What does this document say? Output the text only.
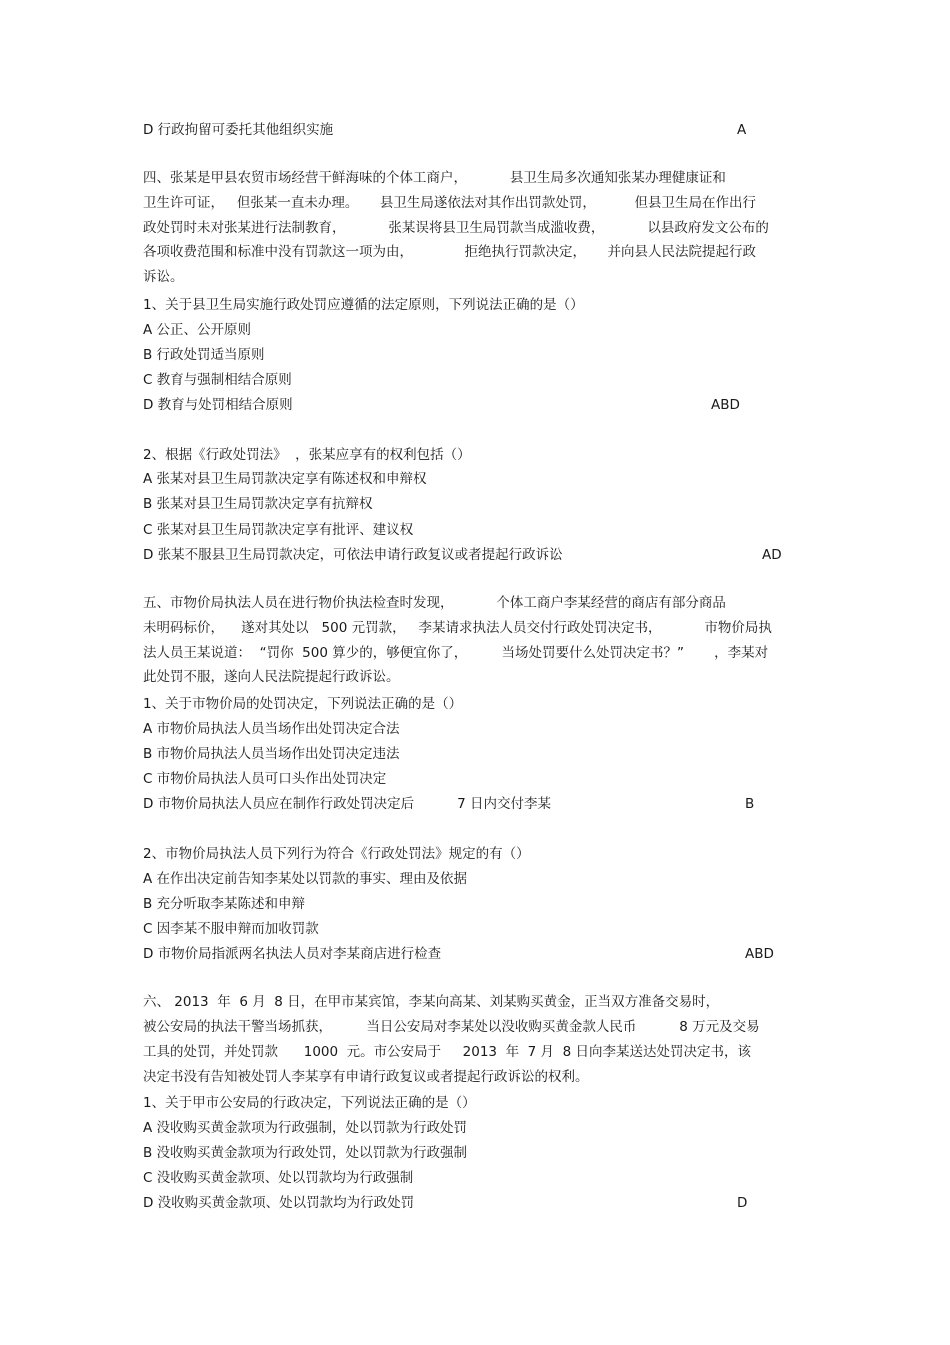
D 行政拘留可委托其他组织实施	A
四、张某是甲县农贸市场经营干鲜海味的个体工商户，          县卫生局多次通知张某办理健康证和
卫生许可证，   但张某一直未办理。     县卫生局遂依法对其作出罚款处罚，         但县卫生局在作出行
政处罚时未对张某进行法制教育，          张某误将县卫生局罚款当成滥收费，          以县政府发文公布的
各项收费范围和标准中没有罚款这一项为由，            拒绝执行罚款决定，     并向县人民法院提起行政
诉讼。
1、关于县卫生局实施行政处罚应遵循的法定原则，下列说法正确的是（）
A 公正、公开原则
B 行政处罚适当原则
C 教育与强制相结合原则
D 教育与处罚相结合原则	ABD
2、根据《行政处罚法》  ，张某应享有的权利包括（）
A 张某对县卫生局罚款决定享有陈述权和申辩权
B 张某对县卫生局罚款决定享有抗辩权
C 张某对县卫生局罚款决定享有批评、建议权
D 张某不服县卫生局罚款决定，可依法申请行政复议或者提起行政诉讼	AD
五、市物价局执法人员在进行物价执法检查时发现，          个体工商户李某经营的商店有部分商品
未明码标价，    遂对其处以   500 元罚款，   李某请求执法人员交付行政处罚决定书，          市物价局执
法人员王某说道：  “罚你  500 算少的，够便宜你了，        当场处罚要什么处罚决定书？”       ，李某对
此处罚不服，遂向人民法院提起行政诉讼。
1、关于市物价局的处罚决定，下列说法正确的是（）
A 市物价局执法人员当场作出处罚决定合法
B 市物价局执法人员当场作出处罚决定违法
C 市物价局执法人员可口头作出处罚决定
D 市物价局执法人员应在制作行政处罚决定后          7 日内交付李某	B
2、市物价局执法人员下列行为符合《行政处罚法》规定的有（）
A 在作出决定前告知李某处以罚款的事实、理由及依据
B 充分听取李某陈述和申辩
C 因李某不服申辩而加收罚款
D 市物价局指派两名执法人员对李某商店进行检查	ABD
六、 2013  年  6 月  8 日，在甲市某宾馆，李某向高某、刘某购买黄金，正当双方准备交易时，
被公安局的执法干警当场抓获，        当日公安局对李某处以没收购买黄金款人民币          8 万元及交易
工具的处罚，并处罚款      1000  元。市公安局于     2013  年  7 月  8 日向李某送达处罚决定书，该
决定书没有告知被处罚人李某享有申请行政复议或者提起行政诉讼的权利。
1、关于甲市公安局的行政决定，下列说法正确的是（）
A 没收购买黄金款项为行政强制，处以罚款为行政处罚
B 没收购买黄金款项为行政处罚，处以罚款为行政强制
C 没收购买黄金款项、处以罚款均为行政强制
D 没收购买黄金款项、处以罚款均为行政处罚	D
